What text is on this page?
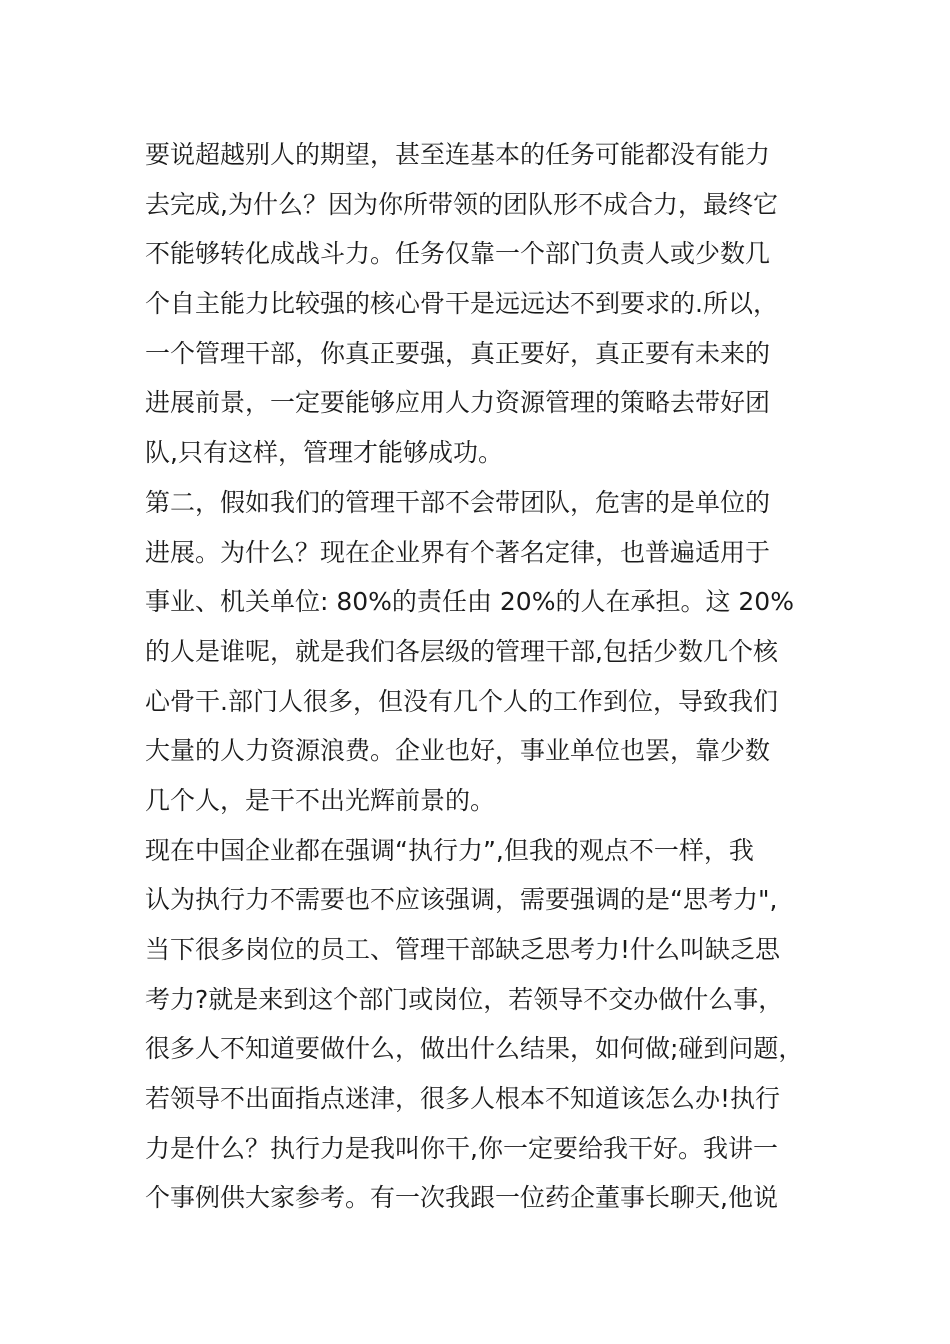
要说超越别人的期望，甚至连基本的任务可能都没有能力
去完成,为什么？因为你所带领的团队形不成合力，最终它
不能够转化成战斗力。任务仅靠一个部门负责人或少数几
个自主能力比较强的核心骨干是远远达不到要求的.所以，
一个管理干部，你真正要强，真正要好，真正要有未来的
进展前景，一定要能够应用人力资源管理的策略去带好团
队,只有这样，管理才能够成功。
第二，假如我们的管理干部不会带团队，危害的是单位的
进展。为什么？现在企业界有个著名定律，也普遍适用于
事业、机关单位: 80%的责任由 20%的人在承担。这 20%
的人是谁呢，就是我们各层级的管理干部,包括少数几个核
心骨干.部门人很多，但没有几个人的工作到位，导致我们
大量的人力资源浪费。企业也好，事业单位也罢，靠少数
几个人，是干不出光辉前景的。
现在中国企业都在强调“执行力”,但我的观点不一样，我
认为执行力不需要也不应该强调，需要强调的是“思考力",
当下很多岗位的员工、管理干部缺乏思考力!什么叫缺乏思
考力?就是来到这个部门或岗位，若领导不交办做什么事，
很多人不知道要做什么，做出什么结果，如何做;碰到问题，
若领导不出面指点迷津，很多人根本不知道该怎么办!执行
力是什么？执行力是我叫你干,你一定要给我干好。我讲一
个事例供大家参考。有一次我跟一位药企董事长聊天,他说
